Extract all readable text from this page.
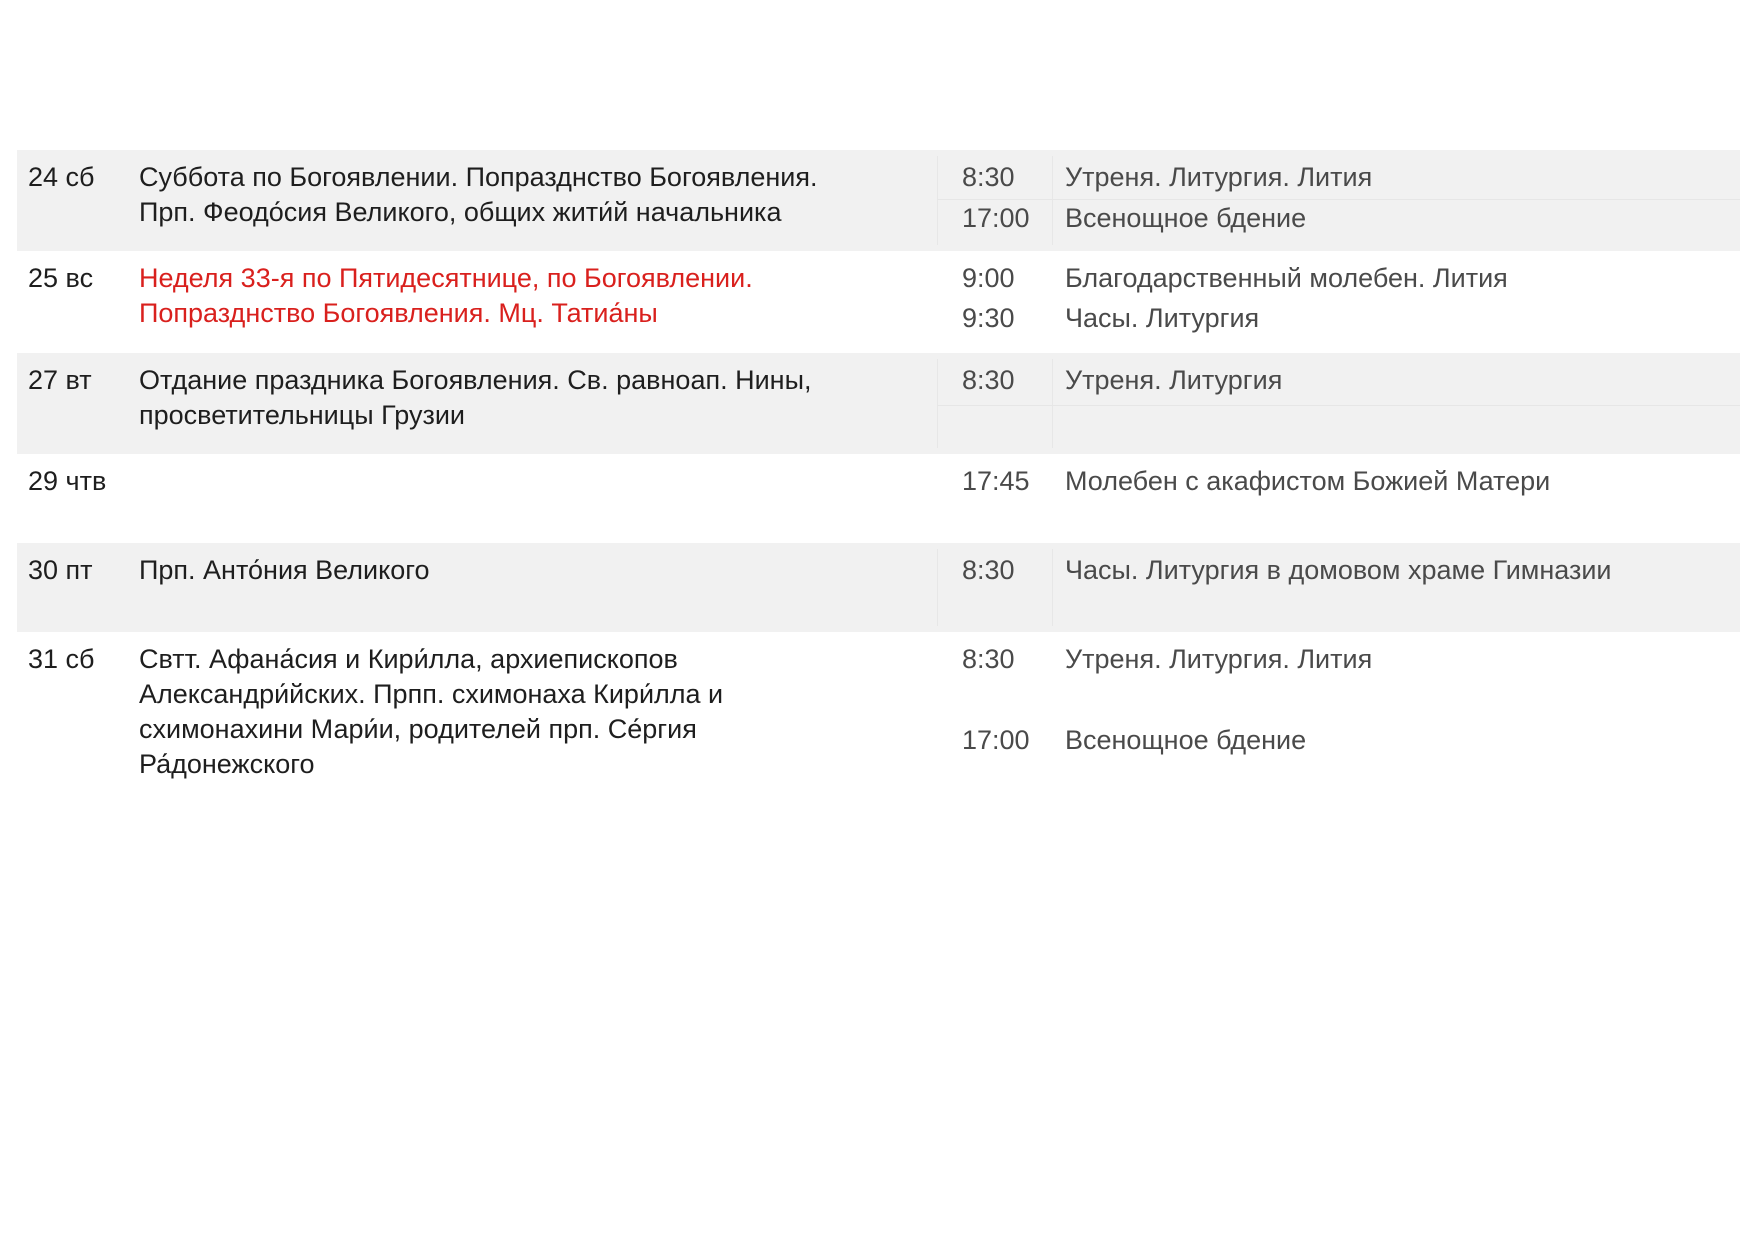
24 сб Суббота по Богоявлении. Попразднство Богоявления.
Прп. Феодо́сия Великого, общих жити́й начальника
8:30 Утреня. Литургия. Лития
17:00 Всенощное бдение
25 вс Неделя 33-я по Пятидесятнице, по Богоявлении.
Попразднство Богоявления. Мц. Татиа́ны
9:00 Благодарственный молебен. Лития
9:30 Часы. Литургия
27 вт Отдание праздника Богоявления. Св. равноап. Нины,
просветительницы Грузии
8:30 Утреня. Литургия
29 чтв	17:45 Молебен с акафистом Божией Матери
30 пт Прп. Анто́ния Великого	8:30 Часы. Литургия в домовом храме Гимназии
31 сб Свтт. Афана́сия и Кири́лла, архиепископов
Александри́йских. Прпп. схимонаха Кири́лла и
схимонахини Мари́и, родителей прп. Се́ргия
Ра́донежского
8:30 Утреня. Литургия. Лития
17:00 Всенощное бдение
